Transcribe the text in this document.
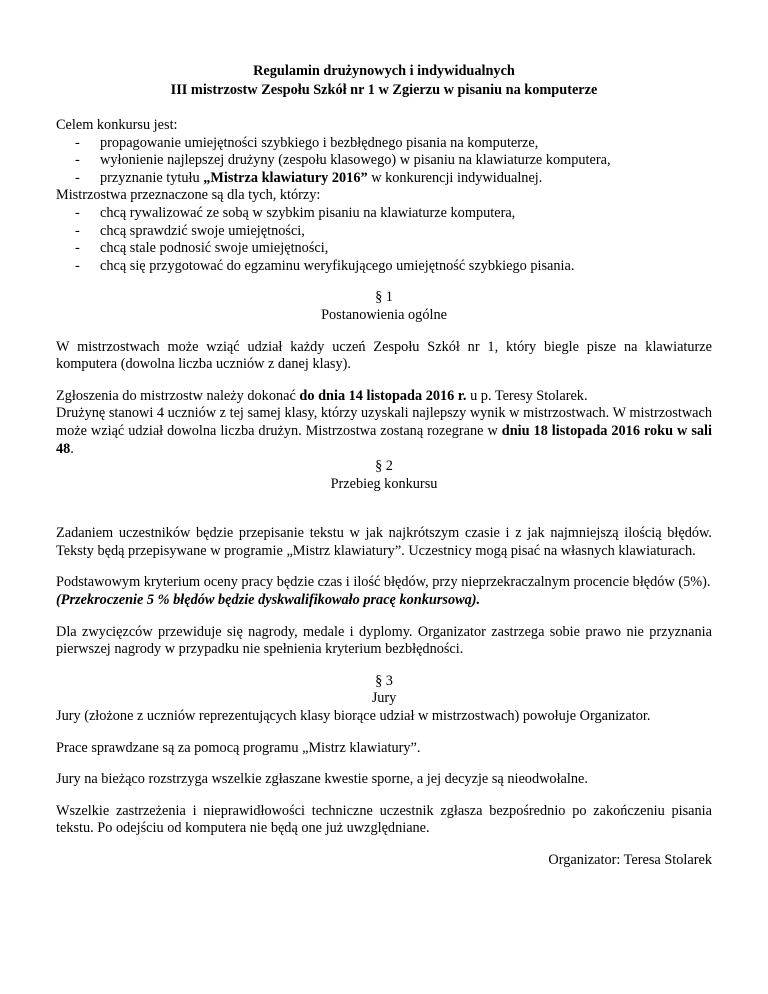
Regulamin drużynowych i indywidualnych
III mistrzostw Zespołu Szkół nr 1 w Zgierzu w pisaniu na komputerze

Celem konkursu jest:

- propagowanie umiejętności szybkiego i bezbłędnego pisania na komputerze,
- wyłonienie najlepszej drużyny (zespołu klasowego) w pisaniu na klawiaturze komputera,
- przyznanie tytułu „Mistrza klawiatury 2016” w konkurencji indywidualnej.

Mistrzostwa przeznaczone są dla tych, którzy:

- chcą rywalizować ze sobą w szybkim pisaniu na klawiaturze komputera,
- chcą sprawdzić swoje umiejętności,
- chcą stale podnosić swoje umiejętności,
- chcą się przygotować do egzaminu weryfikującego umiejętność szybkiego pisania.

§ 1

Postanowienia ogólne

W mistrzostwach może wziąć udział każdy uczeń Zespołu Szkół nr 1, który biegle pisze na klawiaturze komputera (dowolna liczba uczniów z danej klasy).

Zgłoszenia do mistrzostw należy dokonać do dnia 14 listopada 2016 r. u p. Teresy Stolarek.

Drużynę stanowi 4 uczniów z tej samej klasy, którzy uzyskali najlepszy wynik w mistrzostwach. W mistrzostwach może wziąć udział dowolna liczba drużyn. Mistrzostwa zostaną rozegrane w dniu 18 listopada 2016 roku w sali 48.

§ 2

Przebieg konkursu

Zadaniem uczestników będzie przepisanie tekstu w jak najkrótszym czasie i z jak najmniejszą ilością błędów. Teksty będą przepisywane w programie „Mistrz klawiatury”. Uczestnicy mogą pisać na własnych klawiaturach.

Podstawowym kryterium oceny pracy będzie czas i ilość błędów, przy nieprzekraczalnym procencie błędów (5%).

(Przekroczenie 5 % błędów będzie dyskwalifikowało pracę konkursową).

Dla zwycięzców przewiduje się nagrody, medale i dyplomy. Organizator zastrzega sobie prawo nie przyznania pierwszej nagrody w przypadku nie spełnienia kryterium bezbłędności.

§ 3

Jury

Jury (złożone z uczniów reprezentujących klasy biorące udział w mistrzostwach) powołuje Organizator.

Prace sprawdzane są za pomocą programu „Mistrz klawiatury”.

Jury na bieżąco rozstrzyga wszelkie zgłaszane kwestie sporne, a jej decyzje są nieodwołalne.

Wszelkie zastrzeżenia i nieprawidłowości techniczne uczestnik zgłasza bezpośrednio po zakończeniu pisania tekstu. Po odejściu od komputera nie będą one już uwzględniane.

Organizator: Teresa Stolarek
